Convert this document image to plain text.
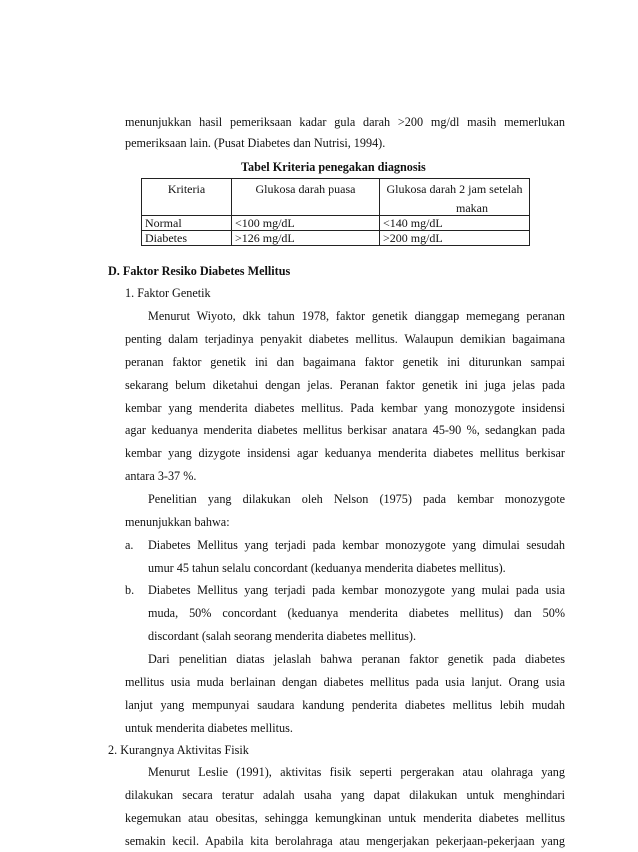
menunjukkan hasil pemeriksaan kadar gula darah >200 mg/dl masih memerlukan
pemeriksaan lain. (Pusat Diabetes dan Nutrisi, 1994).
Tabel Kriteria penegakan diagnosis
Kriteria	Glukosa darah puasa	Glukosa darah 2 jam setelah
makan

Normal	<100 mg/dL	<140 mg/dL
Diabetes	>126 mg/dL	>200 mg/dL
D. Faktor Resiko Diabetes Mellitus
1. Faktor Genetik
Menurut Wiyoto, dkk tahun 1978, faktor genetik dianggap memegang peranan
penting dalam terjadinya penyakit diabetes mellitus. Walaupun demikian bagaimana
peranan faktor genetik ini dan bagaimana faktor genetik ini diturunkan sampai
sekarang belum diketahui dengan jelas. Peranan faktor genetik ini juga jelas pada
kembar yang menderita diabetes mellitus. Pada kembar yang monozygote insidensi
agar keduanya menderita diabetes mellitus berkisar anatara 45-90 %, sedangkan pada
kembar yang dizygote insidensi agar keduanya menderita diabetes mellitus berkisar
antara 3-37 %.
Penelitian yang dilakukan oleh Nelson (1975) pada kembar monozygote
menunjukkan bahwa:
a. Diabetes Mellitus yang terjadi pada kembar monozygote yang dimulai sesudah
umur 45 tahun selalu concordant (keduanya menderita diabetes mellitus).
b. Diabetes Mellitus yang terjadi pada kembar monozygote yang mulai pada usia
muda, 50% concordant (keduanya menderita diabetes mellitus) dan 50%
discordant (salah seorang menderita diabetes mellitus).
Dari penelitian diatas jelaslah bahwa peranan faktor genetik pada diabetes
mellitus usia muda berlainan dengan diabetes mellitus pada usia lanjut. Orang usia
lanjut yang mempunyai saudara kandung penderita diabetes mellitus lebih mudah
untuk menderita diabetes mellitus.
2. Kurangnya Aktivitas Fisik
Menurut Leslie (1991), aktivitas fisik seperti pergerakan atau olahraga yang
dilakukan secara teratur adalah usaha yang dapat dilakukan untuk menghindari
kegemukan atau obesitas, sehingga kemungkinan untuk menderita diabetes mellitus
semakin kecil. Apabila kita berolahraga atau mengerjakan pekerjaan-pekerjaan yang
